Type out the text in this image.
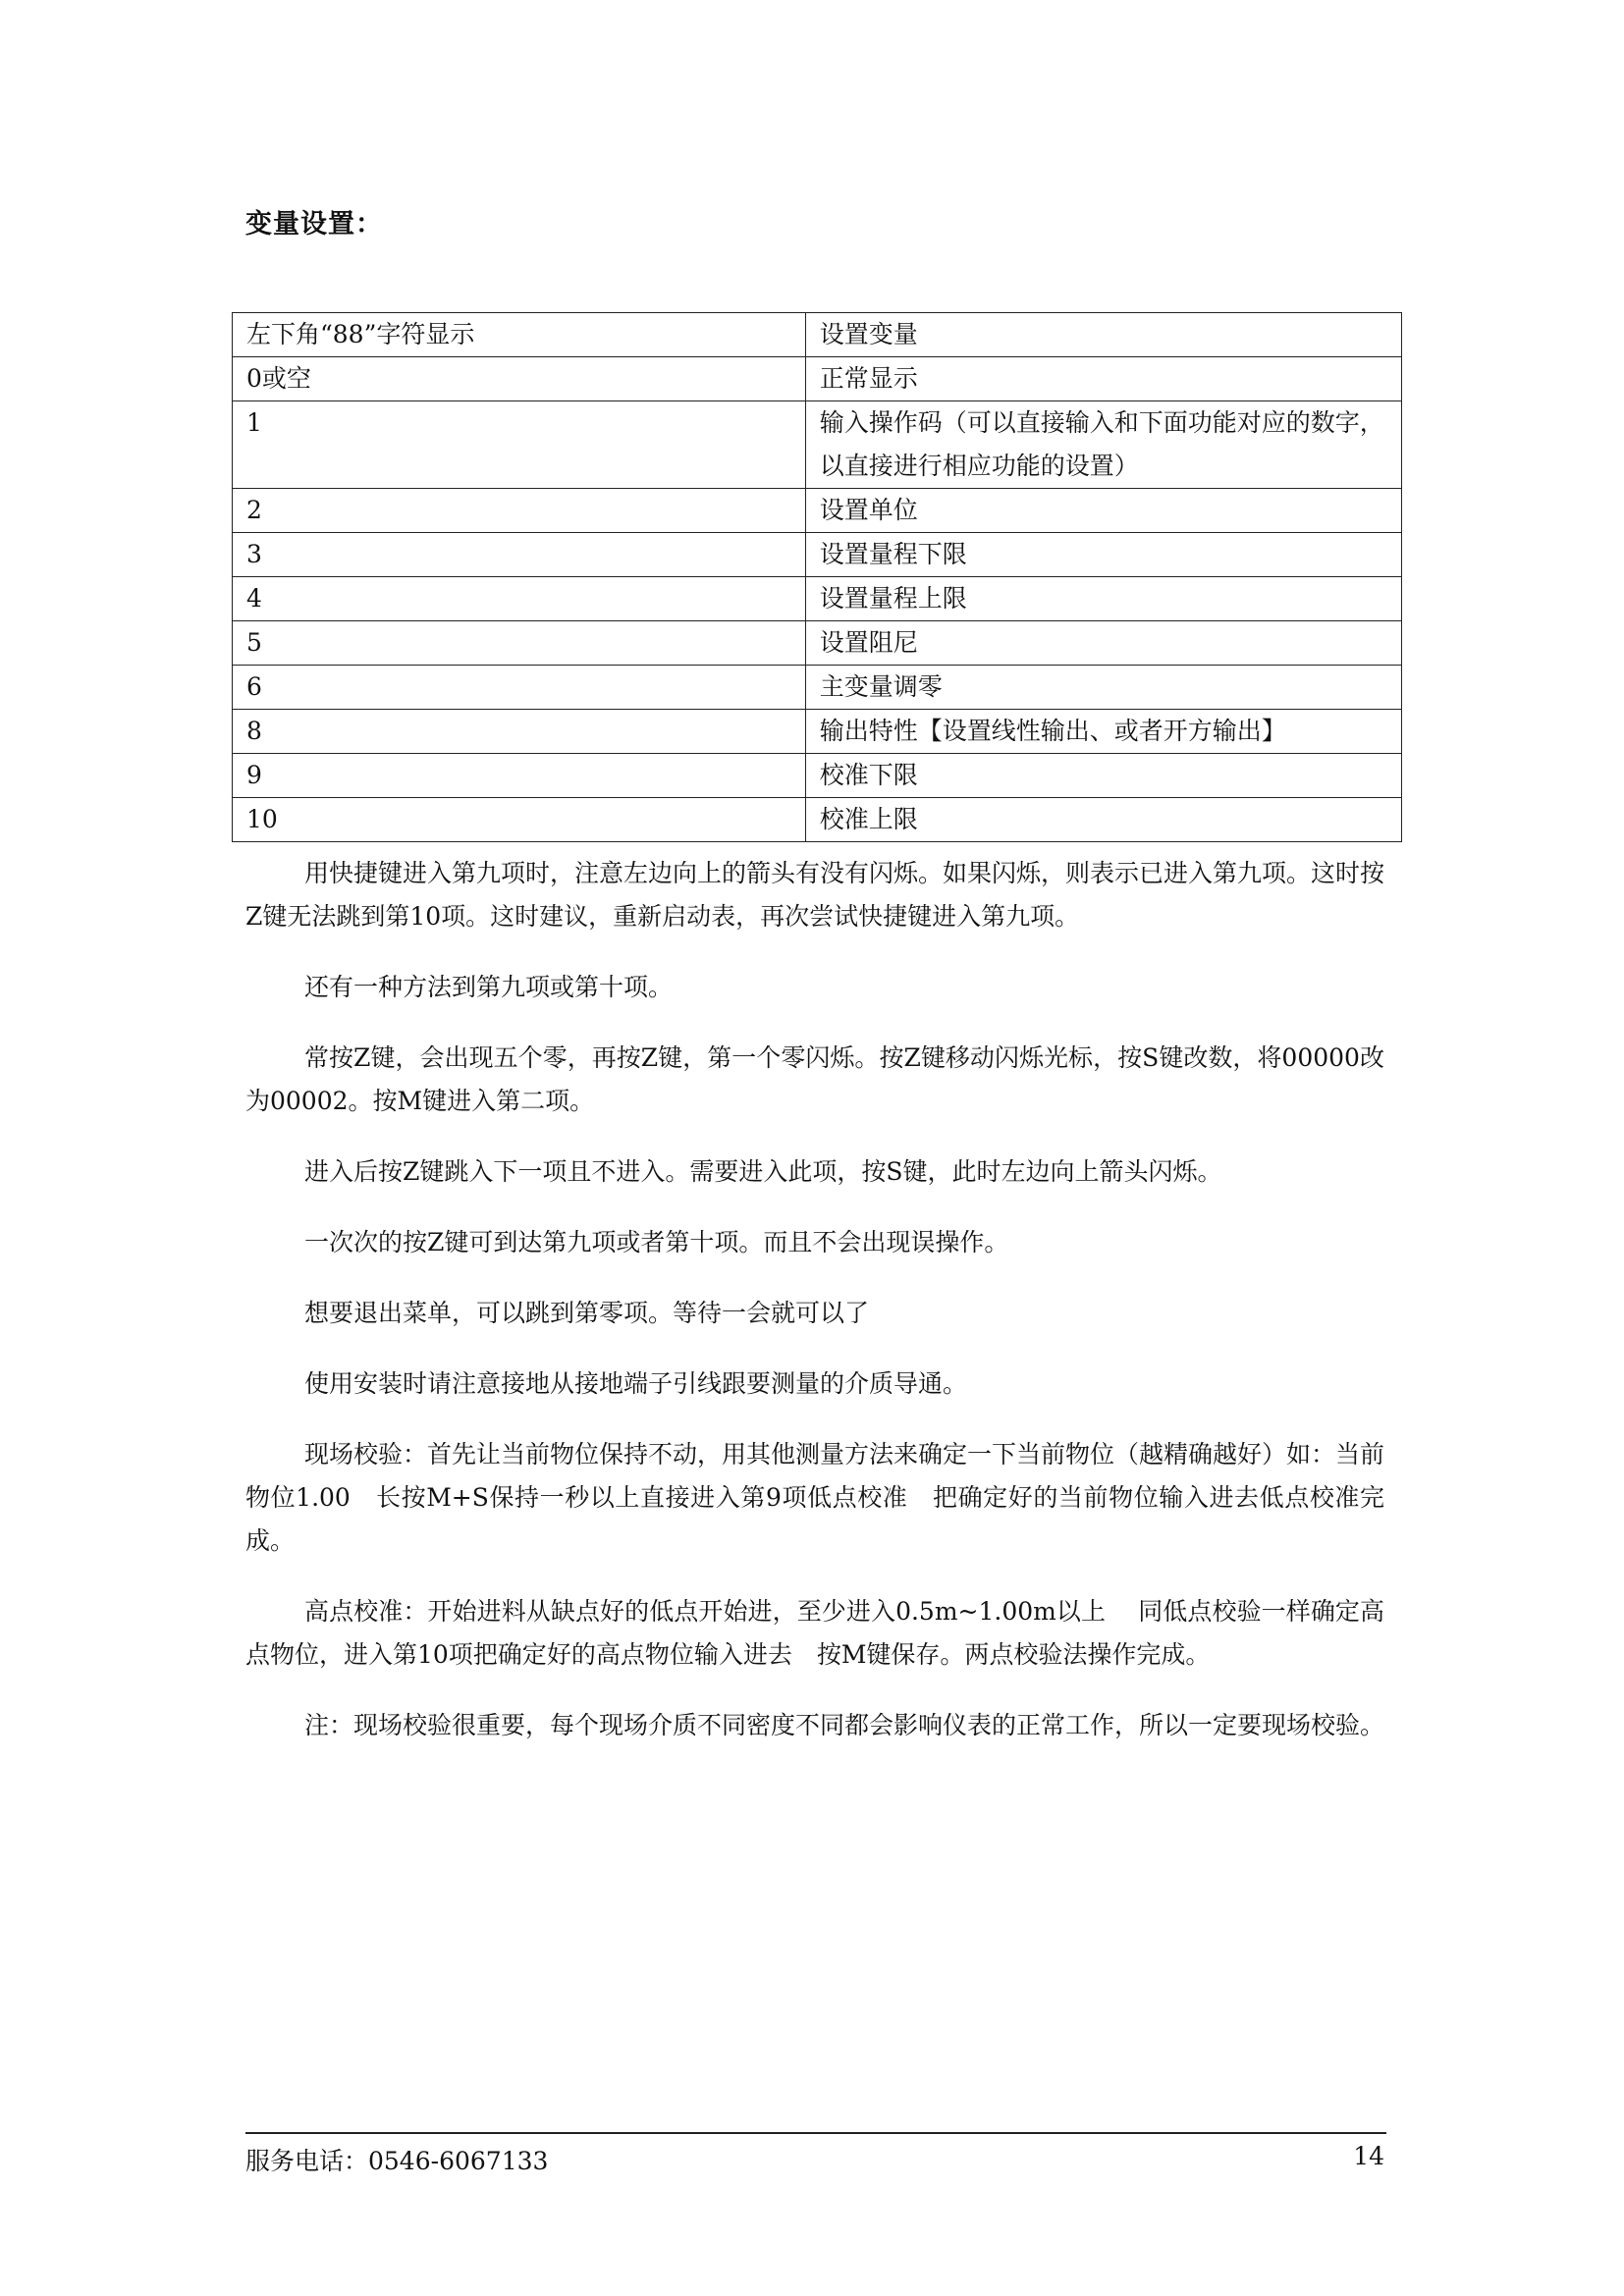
变量设置：
左下角“88”字符显示	设置变量
0或空	正常显示
1	输入操作码（可以直接输入和下面功能对应的数字，以直接进行相应功能的设置）
2	设置单位
3	设置量程下限
4	设置量程上限
5	设置阻尼
6	主变量调零
8	输出特性【设置线性输出、或者开方输出】
9	校准下限
10	校准上限

用快捷键进入第九项时，注意左边向上的箭头有没有闪烁。如果闪烁，则表示已进入第九项。这时按Z键无法跳到第10项。这时建议，重新启动表，再次尝试快捷键进入第九项。

还有一种方法到第九项或第十项。

常按Z键，会出现五个零，再按Z键，第一个零闪烁。按Z键移动闪烁光标，按S键改数，将00000改为00002。按M键进入第二项。

进入后按Z键跳入下一项且不进入。需要进入此项，按S键，此时左边向上箭头闪烁。

一次次的按Z键可到达第九项或者第十项。而且不会出现误操作。

想要退出菜单，可以跳到第零项。等待一会就可以了

使用安装时请注意接地从接地端子引线跟要测量的介质导通。

现场校验：首先让当前物位保持不动，用其他测量方法来确定一下当前物位（越精确越好）如：当前物位1.00　长按M+S保持一秒以上直接进入第9项低点校准　把确定好的当前物位输入进去低点校准完成。

高点校准：开始进料从缺点好的低点开始进，至少进入0.5m~1.00m以上　 同低点校验一样确定高点物位，进入第10项把确定好的高点物位输入进去　按M键保存。两点校验法操作完成。

注：现场校验很重要，每个现场介质不同密度不同都会影响仪表的正常工作，所以一定要现场校验。

服务电话：0546-6067133	14
